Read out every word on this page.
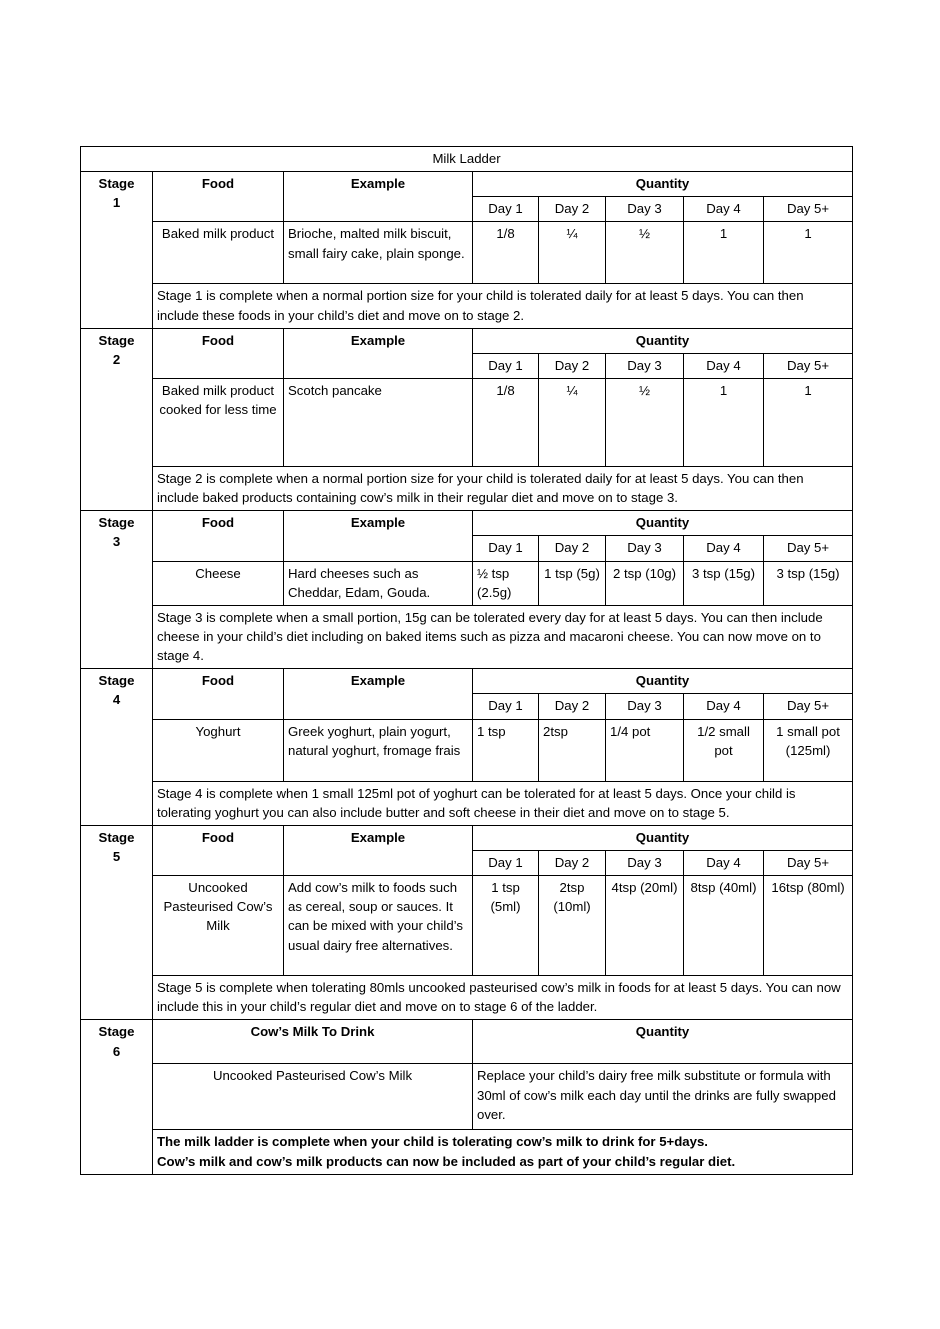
Milk Ladder							

Stage
1	Food	Example	Quantity				
			Day 1	Day 2	Day 3	Day 4	Day 5+
	Baked milk product	Brioche, malted milk biscuit, small fairy cake, plain sponge.	1/8	¼	½	1	1
	Stage 1 is complete when a normal portion size for your child is tolerated daily for at least 5 days. You can then include these foods in your child’s diet and move on to stage 2.						

Stage
2	Food	Example	Quantity				
			Day 1	Day 2	Day 3	Day 4	Day 5+
	Baked milk product cooked for less time	Scotch pancake	1/8	¼	½	1	1
	Stage 2 is complete when a normal portion size for your child is tolerated daily for at least 5 days. You can then include baked products containing cow’s milk in their regular diet and move on to stage 3.						

Stage
3	Food	Example	Quantity				
			Day 1	Day 2	Day 3	Day 4	Day 5+
	Cheese	Hard cheeses such as Cheddar, Edam, Gouda.	½ tsp (2.5g)	1 tsp (5g)	2 tsp (10g)	3 tsp (15g)	3 tsp (15g)
	Stage 3 is complete when a small portion, 15g can be tolerated every day for at least 5 days. You can then include cheese in your child’s diet including on baked items such as pizza and macaroni cheese. You can now move on to stage 4.						

Stage
4	Food	Example	Quantity				
			Day 1	Day 2	Day 3	Day 4	Day 5+
	Yoghurt	Greek yoghurt, plain yogurt, natural yoghurt, fromage frais	1 tsp	2tsp	1/4 pot	1/2 small pot	1 small pot (125ml)
	Stage 4 is complete when 1 small 125ml pot of yoghurt can be tolerated for at least 5 days. Once your child is tolerating yoghurt you can also include butter and soft cheese in their diet and move on to stage 5.						

Stage
5	Food	Example	Quantity				
			Day 1	Day 2	Day 3	Day 4	Day 5+
	Uncooked Pasteurised Cow’s Milk	Add cow’s milk to foods such as cereal, soup or sauces. It can be mixed with your child’s usual dairy free alternatives.	1 tsp (5ml)	2tsp (10ml)	4tsp (20ml)	8tsp (40ml)	16tsp (80ml)
	Stage 5 is complete when tolerating 80mls uncooked pasteurised cow’s milk in foods for at least 5 days. You can now include this in your child’s regular diet and move on to stage 6 of the ladder.						

Stage
6	Cow’s Milk To Drink		Quantity				
	Uncooked Pasteurised Cow’s Milk		Replace your child’s dairy free milk substitute or formula with 30ml of cow’s milk each day until the drinks are fully swapped over.				

	The milk ladder is complete when your child is tolerating cow’s milk to drink for 5+days.
Cow’s milk and cow’s milk products can now be included as part of your child’s regular diet.						
